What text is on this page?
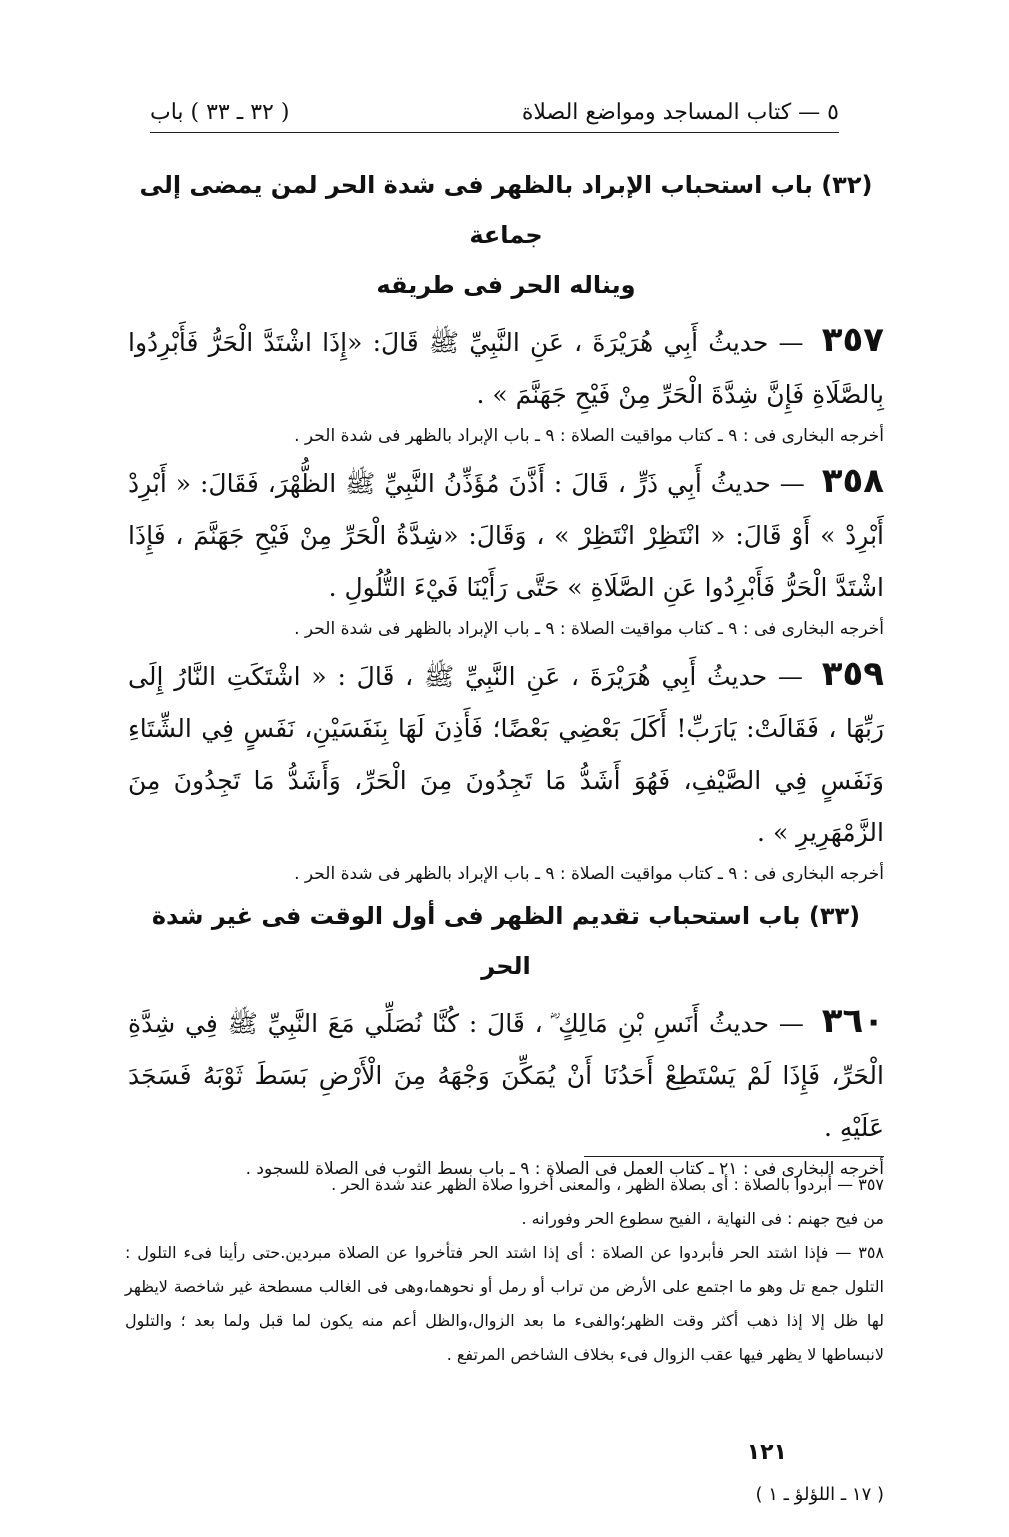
٥ — كتاب المساجد ومواضع الصلاة
( ٣٢ ـ ٣٣ ) باب

(٣٢) باب استحباب الإبراد بالظهر فى شدة الحر لمن يمضى إلى جماعة

ويناله الحر فى طريقه

٣٥٧ — حديثُ أَبِي هُرَيْرَةَ ، عَنِ النَّبِيِّ ﷺ قَالَ: «إِذَا اشْتَدَّ الْحَرُّ فَأَبْرِدُوا بِالصَّلَاةِ فَإِنَّ شِدَّةَ الْحَرِّ مِنْ فَيْحِ جَهَنَّمَ » .

أخرجه البخارى فى : ٩ ـ كتاب مواقيت الصلاة : ٩ ـ باب الإبراد بالظهر فى شدة الحر .

٣٥٨ — حديثُ أَبِي ذَرٍّ ، قَالَ : أَذَّنَ مُؤَذِّنُ النَّبِيِّ ﷺ الظُّهْرَ، فَقَالَ: « أَبْرِدْ أَبْرِدْ » أَوْ قَالَ: « انْتَظِرْ انْتَظِرْ » ، وَقَالَ: «شِدَّةُ الْحَرِّ مِنْ فَيْحِ جَهَنَّمَ ، فَإِذَا اشْتَدَّ الْحَرُّ فَأَبْرِدُوا عَنِ الصَّلَاةِ » حَتَّى رَأَيْنَا فَيْءَ التُّلُولِ .

أخرجه البخارى فى : ٩ ـ كتاب مواقيت الصلاة : ٩ ـ باب الإبراد بالظهر فى شدة الحر .

٣٥٩ — حديثُ أَبِي هُرَيْرَةَ ، عَنِ النَّبِيِّ ﷺ ، قَالَ : « اشْتَكَتِ النَّارُ إِلَى رَبِّهَا ، فَقَالَتْ: يَارَبِّ! أَكَلَ بَعْضِي بَعْضًا؛ فَأَذِنَ لَهَا بِنَفَسَيْنِ، نَفَسٍ فِي الشِّتَاءِ وَنَفَسٍ فِي الصَّيْفِ، فَهُوَ أَشَدُّ مَا تَجِدُونَ مِنَ الْحَرِّ، وَأَشَدُّ مَا تَجِدُونَ مِنَ الزَّمْهَرِيرِ » .

أخرجه البخارى فى : ٩ ـ كتاب مواقيت الصلاة : ٩ ـ باب الإبراد بالظهر فى شدة الحر .

(٣٣) باب استحباب تقديم الظهر فى أول الوقت فى غير شدة الحر

٣٦٠ — حديثُ أَنَسِ بْنِ مَالِكٍ ؓ ، قَالَ : كُنَّا نُصَلِّي مَعَ النَّبِيِّ ﷺ فِي شِدَّةِ الْحَرِّ، فَإِذَا لَمْ يَسْتَطِعْ أَحَدُنَا أَنْ يُمَكِّنَ وَجْهَهُ مِنَ الْأَرْضِ بَسَطَ ثَوْبَهُ فَسَجَدَ عَلَيْهِ .

أخرجه البخارى فى : ٢١ ـ كتاب العمل فى الصلاة : ٩ ـ باب بسط الثوب فى الصلاة للسجود .

٣٥٧ — أبردوا بالصلاة : أى بصلاة الظهر ، والمعنى أخروا صلاة الظهر عند شدة الحر .

من فيح جهنم : فى النهاية ، الفيح سطوع الحر وفورانه .

٣٥٨ — فإذا اشتد الحر فأبردوا عن الصلاة : أى إذا اشتد الحر فتأخروا عن الصلاة مبردين.حتى رأينا فىء التلول : التلول جمع تل وهو ما اجتمع على الأرض من تراب أو رمل أو نحوهما،وهى فى الغالب مسطحة غير شاخصة لايظهر لها ظل إلا إذا ذهب أكثر وقت الظهر؛والفىء ما بعد الزوال،والظل أعم منه يكون لما قبل ولما بعد ؛ والتلول لانبساطها لا يظهر فيها عقب الزوال فىء بخلاف الشاخص المرتفع .

١٢١
( ١٧ ـ اللؤلؤ ـ ١ )
